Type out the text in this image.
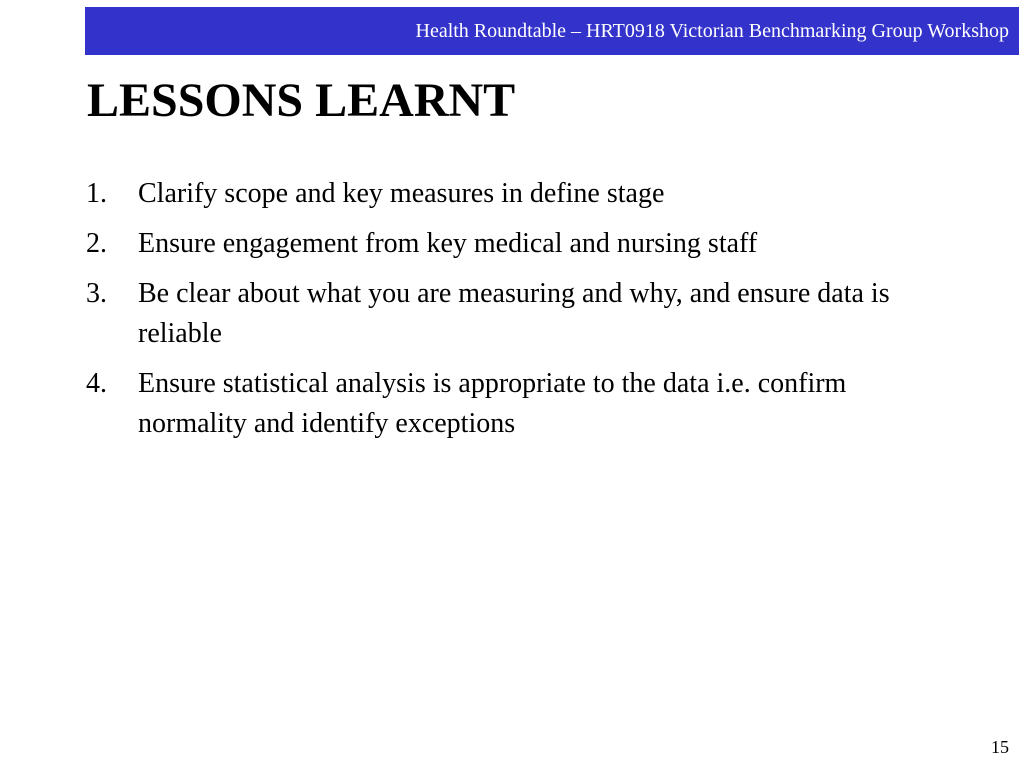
Health Roundtable – HRT0918 Victorian Benchmarking Group Workshop
LESSONS LEARNT
1.	Clarify scope and key measures in define stage
2.	Ensure engagement from key medical and nursing staff
3.	Be clear about what you are measuring and why, and ensure data is reliable
4.	Ensure statistical analysis is appropriate to the data i.e. confirm normality and identify exceptions
15
